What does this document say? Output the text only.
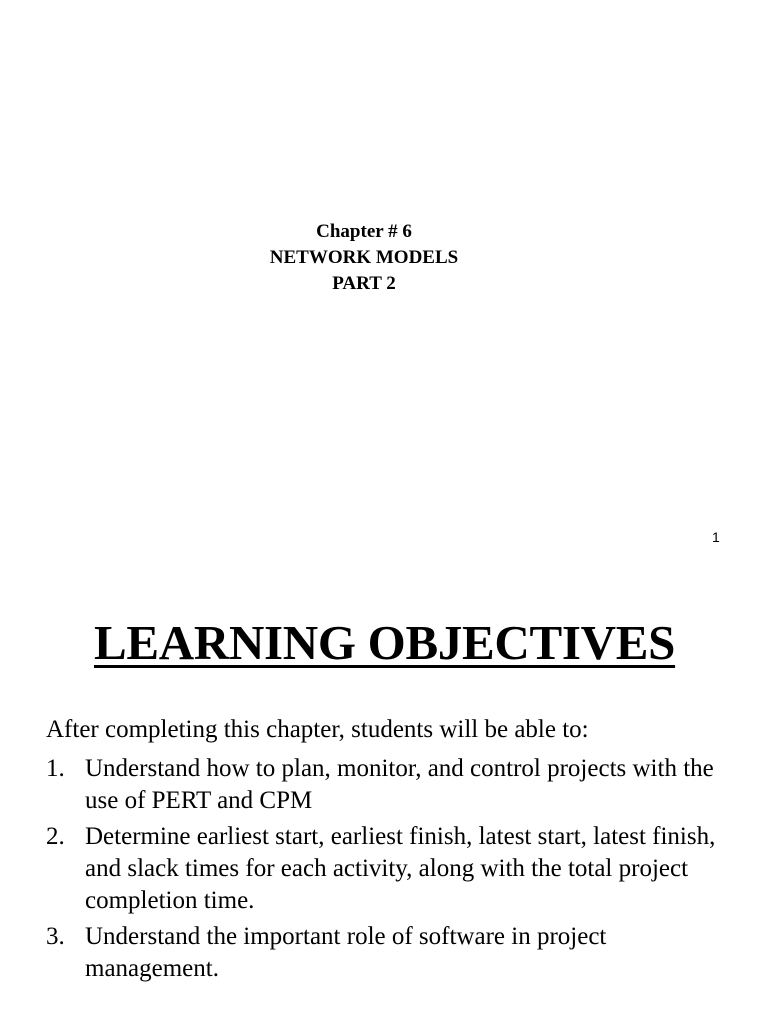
Chapter # 6
NETWORK MODELS
PART 2
1
LEARNING OBJECTIVES
After completing this chapter, students will be able to:
1. Understand how to plan, monitor, and control projects with the use of PERT and CPM
2. Determine earliest start, earliest finish, latest start, latest finish, and slack times for each activity, along with the total project completion time.
3. Understand the important role of software in project management.
